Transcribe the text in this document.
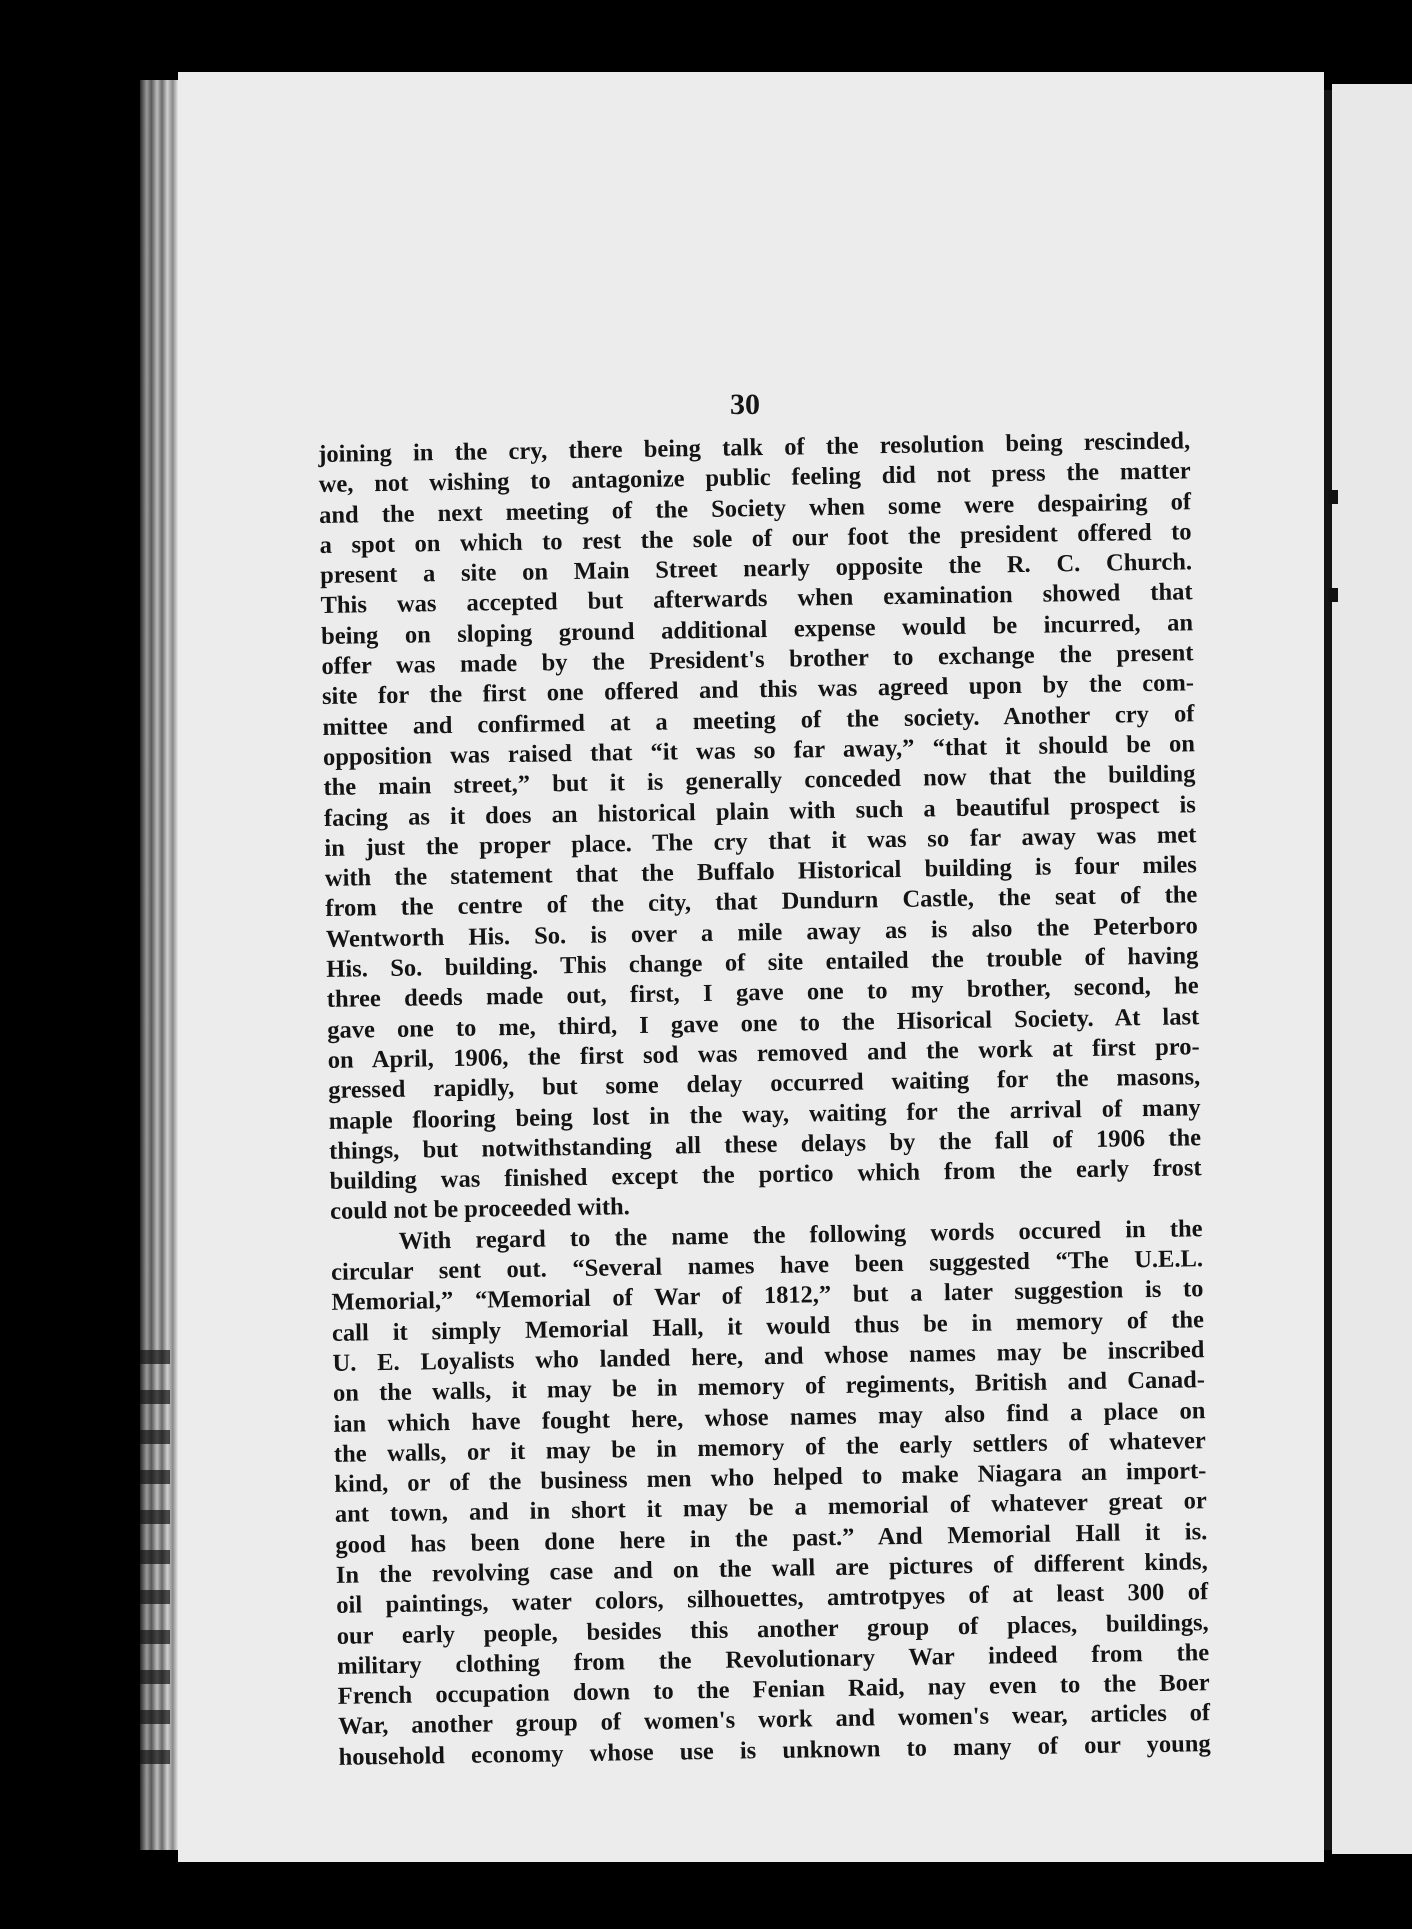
30
joining in the cry, there being talk of the resolution being rescinded,
we, not wishing to antagonize public feeling did not press the matter
and the next meeting of the Society when some were despairing of
a spot on which to rest the sole of our foot the president offered to
present a site on Main Street nearly opposite the R. C. Church.
This was accepted but afterwards when examination showed that
being on sloping ground additional expense would be incurred, an
offer was made by the President's brother to exchange the present
site for the first one offered and this was agreed upon by the com-
mittee and confirmed at a meeting of the society. Another cry of
opposition was raised that “it was so far away,” “that it should be on
the main street,” but it is generally conceded now that the building
facing as it does an historical plain with such a beautiful prospect is
in just the proper place. The cry that it was so far away was met
with the statement that the Buffalo Historical building is four miles
from the centre of the city, that Dundurn Castle, the seat of the
Wentworth His. So. is over a mile away as is also the Peterboro
His. So. building. This change of site entailed the trouble of having
three deeds made out, first, I gave one to my brother, second, he
gave one to me, third, I gave one to the Hisorical Society. At last
on April, 1906, the first sod was removed and the work at first pro-
gressed rapidly, but some delay occurred waiting for the masons,
maple flooring being lost in the way, waiting for the arrival of many
things, but notwithstanding all these delays by the fall of 1906 the
building was finished except the portico which from the early frost
could not be proceeded with.
With regard to the name the following words occured in the
circular sent out. “Several names have been suggested “The U.E.L.
Memorial,” “Memorial of War of 1812,” but a later suggestion is to
call it simply Memorial Hall, it would thus be in memory of the
U. E. Loyalists who landed here, and whose names may be inscribed
on the walls, it may be in memory of regiments, British and Canad-
ian which have fought here, whose names may also find a place on
the walls, or it may be in memory of the early settlers of whatever
kind, or of the business men who helped to make Niagara an import-
ant town, and in short it may be a memorial of whatever great or
good has been done here in the past.” And Memorial Hall it is.
In the revolving case and on the wall are pictures of different kinds,
oil paintings, water colors, silhouettes, amtrotpyes of at least 300 of
our early people, besides this another group of places, buildings,
military clothing from the Revolutionary War indeed from the
French occupation down to the Fenian Raid, nay even to the Boer
War, another group of women's work and women's wear, articles of
household economy whose use is unknown to many of our young
